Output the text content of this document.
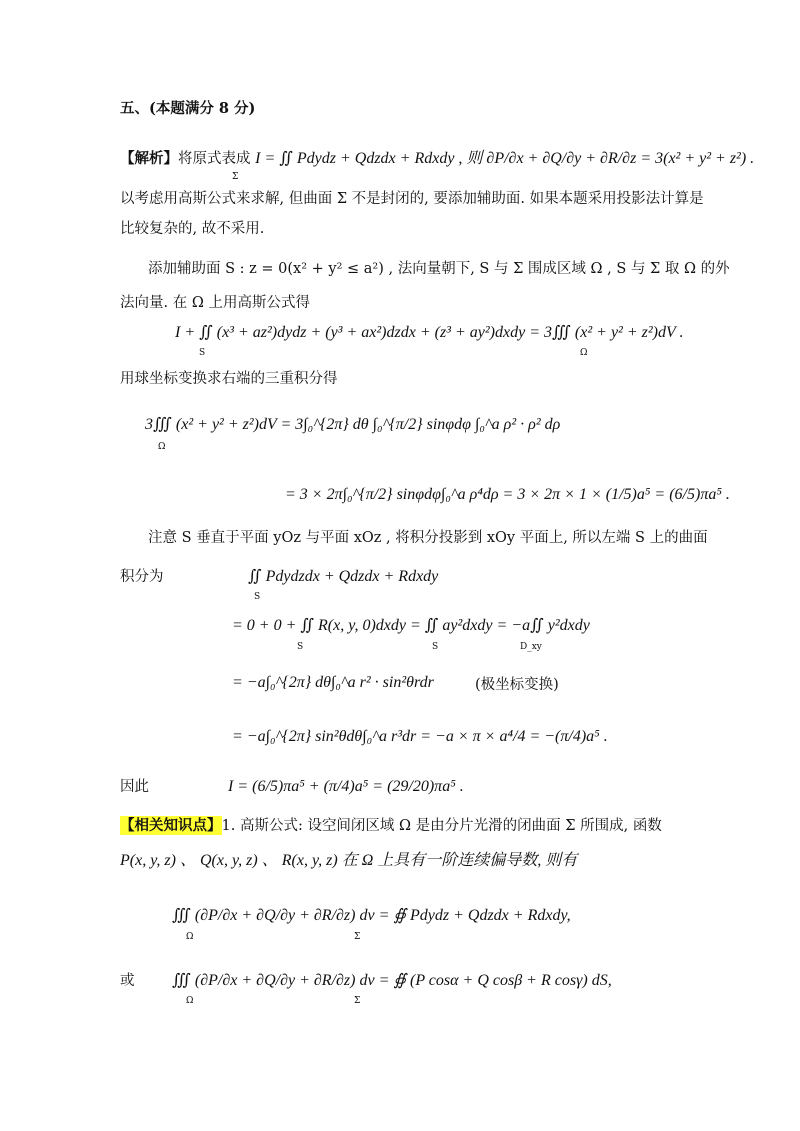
五、(本题满分 8 分)
【解析】将原式表成 I = ∬ Pdydz + Qdzdx + Rdxdy , 则 ∂P/∂x + ∂Q/∂y + ∂R/∂z = 3(x² + y² + z²) .
Σ
以考虑用高斯公式来求解, 但曲面 Σ 不是封闭的, 要添加辅助面. 如果本题采用投影法计算是
比较复杂的, 故不采用.
添加辅助面 S : z = 0(x² + y² ≤ a²) , 法向量朝下, S 与 Σ 围成区域 Ω , S 与 Σ 取 Ω 的外
法向量. 在 Ω 上用高斯公式得
I + ∬ (x³ + az²)dydz + (y³ + ax²)dzdx + (z³ + ay²)dxdy = 3∭ (x² + y² + z²)dV .
S	Ω
用球坐标变换求右端的三重积分得
3∭ (x² + y² + z²)dV = 3∫₀^{2π} dθ ∫₀^{π/2} sinφdφ ∫₀^a ρ² · ρ² dρ
Ω
= 3 × 2π∫₀^{π/2} sinφdφ∫₀^a ρ⁴dρ = 3 × 2π × 1 × (1/5)a⁵ = (6/5)πa⁵ .
注意 S 垂直于平面 yOz 与平面 xOz , 将积分投影到 xOy 平面上, 所以左端 S 上的曲面
积分为	∬ Pdydzdx + Qdzdx + Rdxdy
S
= 0 + 0 + ∬ R(x, y, 0)dxdy = ∬ ay²dxdy = −a∬ y²dxdy
S	S	D_xy
= −a∫₀^{2π} dθ∫₀^a r² · sin²θrdr	(极坐标变换)
= −a∫₀^{2π} sin²θdθ∫₀^a r³dr = −a × π × a⁴/4 = −(π/4)a⁵ .
因此	I = (6/5)πa⁵ + (π/4)a⁵ = (29/20)πa⁵ .
【相关知识点】1. 高斯公式: 设空间闭区域 Ω 是由分片光滑的闭曲面 Σ 所围成, 函数
P(x, y, z) 、 Q(x, y, z) 、 R(x, y, z) 在 Ω 上具有一阶连续偏导数, 则有
∭ (∂P/∂x + ∂Q/∂y + ∂R/∂z) dv = ∯ Pdydz + Qdzdx + Rdxdy,
Ω	Σ
或 ∭ (∂P/∂x + ∂Q/∂y + ∂R/∂z) dv = ∯ (P cosα + Q cosβ + R cosγ) dS,
Ω	Σ
